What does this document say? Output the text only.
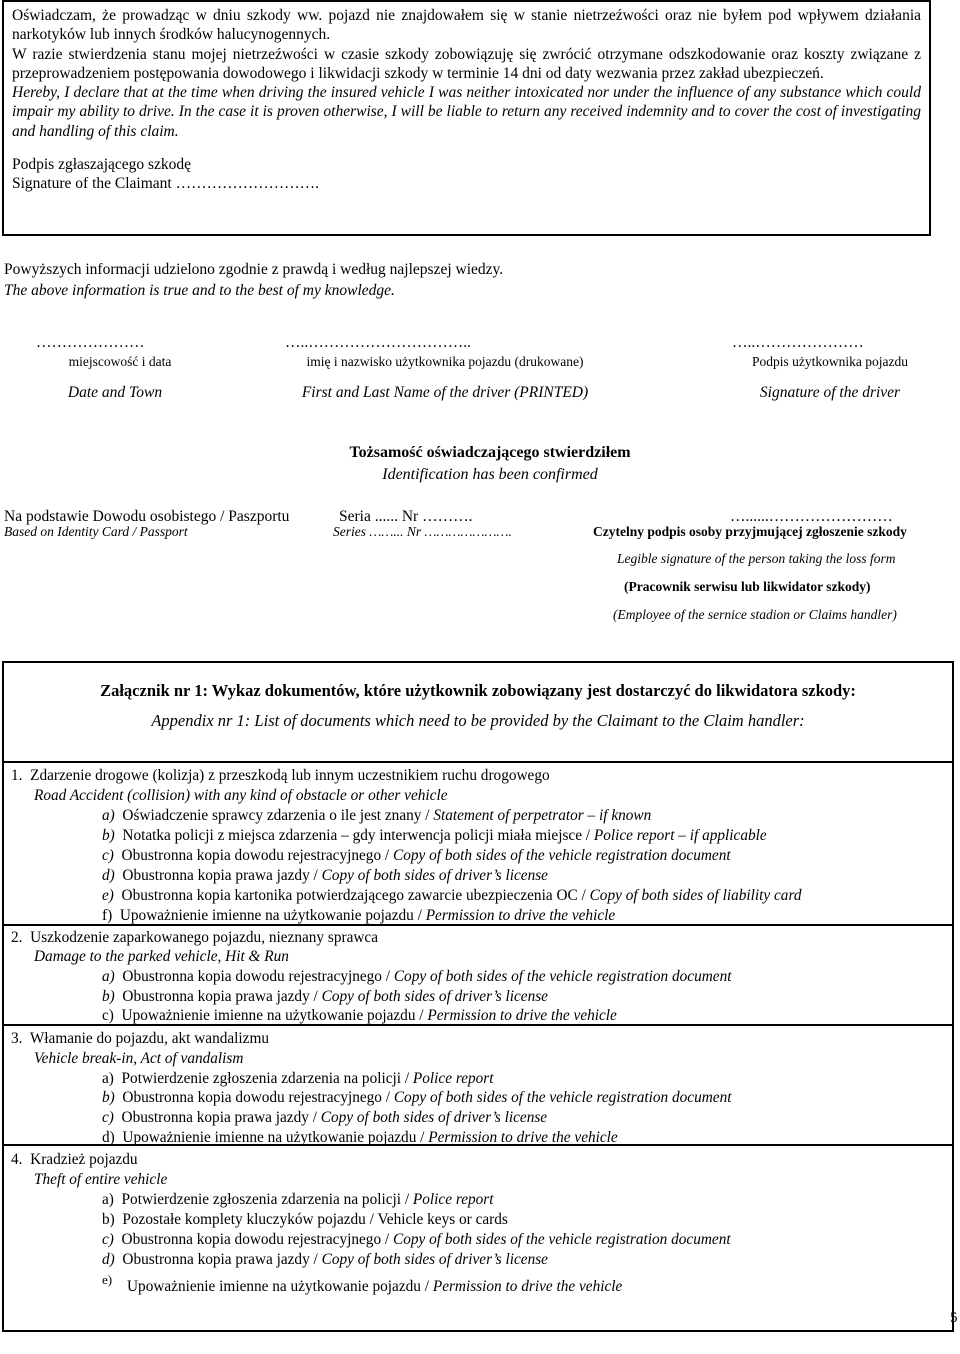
Oświadczam, że prowadząc w dniu szkody ww. pojazd nie znajdowałem się w stanie nietrzeźwości oraz nie byłem pod wpływem działania narkotyków lub innych środków halucynogennych.

W razie stwierdzenia stanu mojej nietrzeźwości w czasie szkody zobowiązuję się zwrócić otrzymane odszkodowanie oraz koszty związane z przeprowadzeniem postępowania dowodowego i likwidacji szkody w terminie 14 dni od daty wezwania przez zakład ubezpieczeń.

Hereby, I declare that at the time when driving the insured vehicle I was neither intoxicated nor under the influence of any substance which could impair my ability to drive. In the case it is proven otherwise, I will be liable to return any received indemnity and to cover the cost of investigating and handling of this claim.

Podpis zgłaszającego szkodę
Signature of the Claimant ……………………….
Powyższych informacji udzielono zgodnie z prawdą i według najlepszej wiedzy.
The above information is true and to the best of my knowledge.
…………………	…..…………………………..	…..…………………
miejscowość i data	imię i nazwisko użytkownika pojazdu (drukowane)	Podpis użytkownika pojazdu
Date and Town	First and Last Name of the driver (PRINTED)	Signature of the driver
Tożsamość oświadczającego stwierdziłem
Identification has been confirmed
Na podstawie Dowodu osobistego / Paszportu	Seria ...... Nr ……….	…......……………………
Based on Identity Card / Passport	Series ……... Nr ………………….	Czytelny podpis osoby przyjmującej zgłoszenie szkody
Legible signature of the person taking the loss form
(Pracownik serwisu lub likwidator szkody)
(Employee of the sernice stadion or Claims handler)
Załącznik nr 1: Wykaz dokumentów, które użytkownik zobowiązany jest dostarczyć do likwidatora szkody:
Appendix nr 1: List of documents which need to be provided by the Claimant to the Claim handler:
1. Zdarzenie drogowe (kolizja) z przeszkodą lub innym uczestnikiem ruchu drogowego
Road Accident (collision) with any kind of obstacle or other vehicle
a) Oświadczenie sprawcy zdarzenia o ile jest znany / Statement of perpetrator – if known
b) Notatka policji z miejsca zdarzenia – gdy interwencja policji miała miejsce / Police report – if applicable
c) Obustronna kopia dowodu rejestracyjnego / Copy of both sides of the vehicle registration document
d) Obustronna kopia prawa jazdy / Copy of both sides of driver’s license
e) Obustronna kopia kartonika potwierdzającego zawarcie ubezpieczenia OC / Copy of both sides of liability card
f) Upoważnienie imienne na użytkowanie pojazdu / Permission to drive the vehicle
2. Uszkodzenie zaparkowanego pojazdu, nieznany sprawca
Damage to the parked vehicle, Hit & Run
a) Obustronna kopia dowodu rejestracyjnego / Copy of both sides of the vehicle registration document
b) Obustronna kopia prawa jazdy / Copy of both sides of driver’s license
c) Upoważnienie imienne na użytkowanie pojazdu / Permission to drive the vehicle
3. Włamanie do pojazdu, akt wandalizmu
Vehicle break-in, Act of vandalism
a) Potwierdzenie zgłoszenia zdarzenia na policji / Police report
b) Obustronna kopia dowodu rejestracyjnego / Copy of both sides of the vehicle registration document
c) Obustronna kopia prawa jazdy / Copy of both sides of driver’s license
d) Upoważnienie imienne na użytkowanie pojazdu / Permission to drive the vehicle
4. Kradzież pojazdu
Theft of entire vehicle
a) Potwierdzenie zgłoszenia zdarzenia na policji / Police report
b) Pozostałe komplety kluczyków pojazdu / Vehicle keys or cards
c) Obustronna kopia dowodu rejestracyjnego / Copy of both sides of the vehicle registration document
d) Obustronna kopia prawa jazdy / Copy of both sides of driver’s license
e) Upoważnienie imienne na użytkowanie pojazdu / Permission to drive the vehicle
5
